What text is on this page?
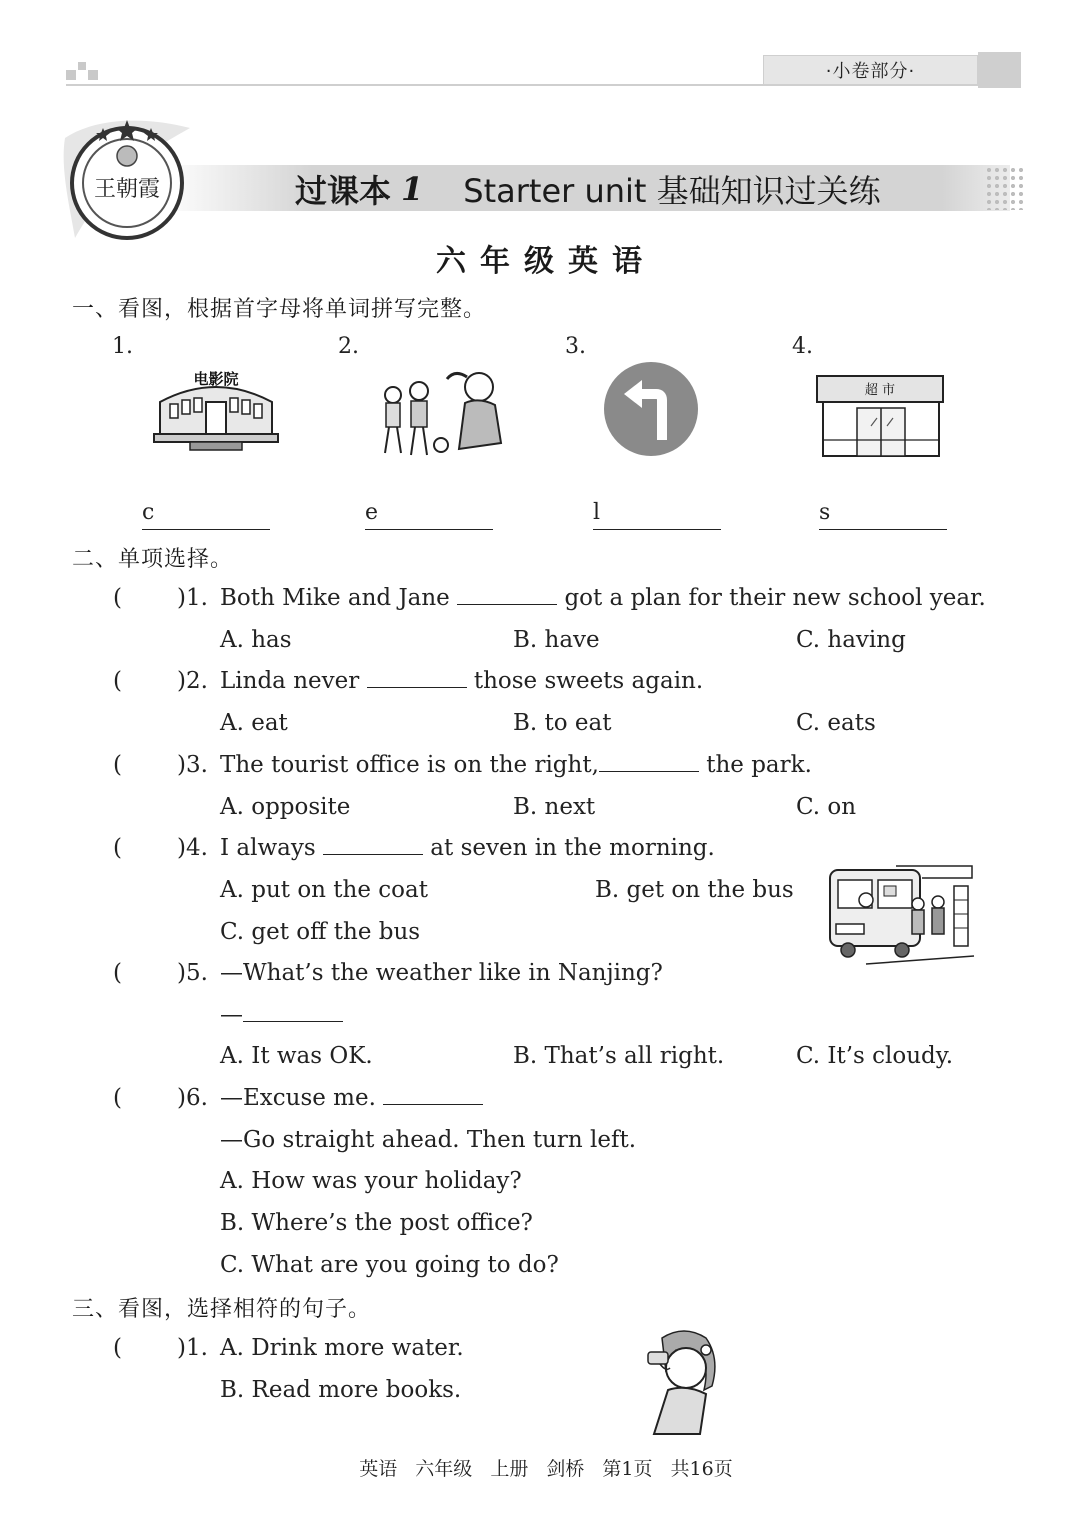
·小卷部分·
王朝霞	过课本 1 Starter unit 基础知识过关练
六年级英语
一、看图，根据首字母将单词拼写完整。
1.	2.	3.	4.
电影院
超 市
c	e	l	s
二、单项选择。
( )1. Both Mike and Jane	got a plan for their new school year.
A. has	B. have	C. having
( )2. Linda never	those sweets again.
A. eat	B. to eat	C. eats
( )3. The tourist office is on the right,	the park.
A. opposite	B. next	C. on
( )4. I always	at seven in the morning.
A. put on the coat	B. get on the bus
C. get off the bus
( )5. —What’s the weather like in Nanjing?
—
A. It was OK.	B. That’s all right.	C. It’s cloudy.
( )6. —Excuse me.
—Go straight ahead. Then turn left.
A. How was your holiday?
B. Where’s the post office?
C. What are you going to do?
三、看图，选择相符的句子。
( )1. A. Drink more water.
B. Read more books.
英语 六年级 上册 剑桥 第1页 共16页
